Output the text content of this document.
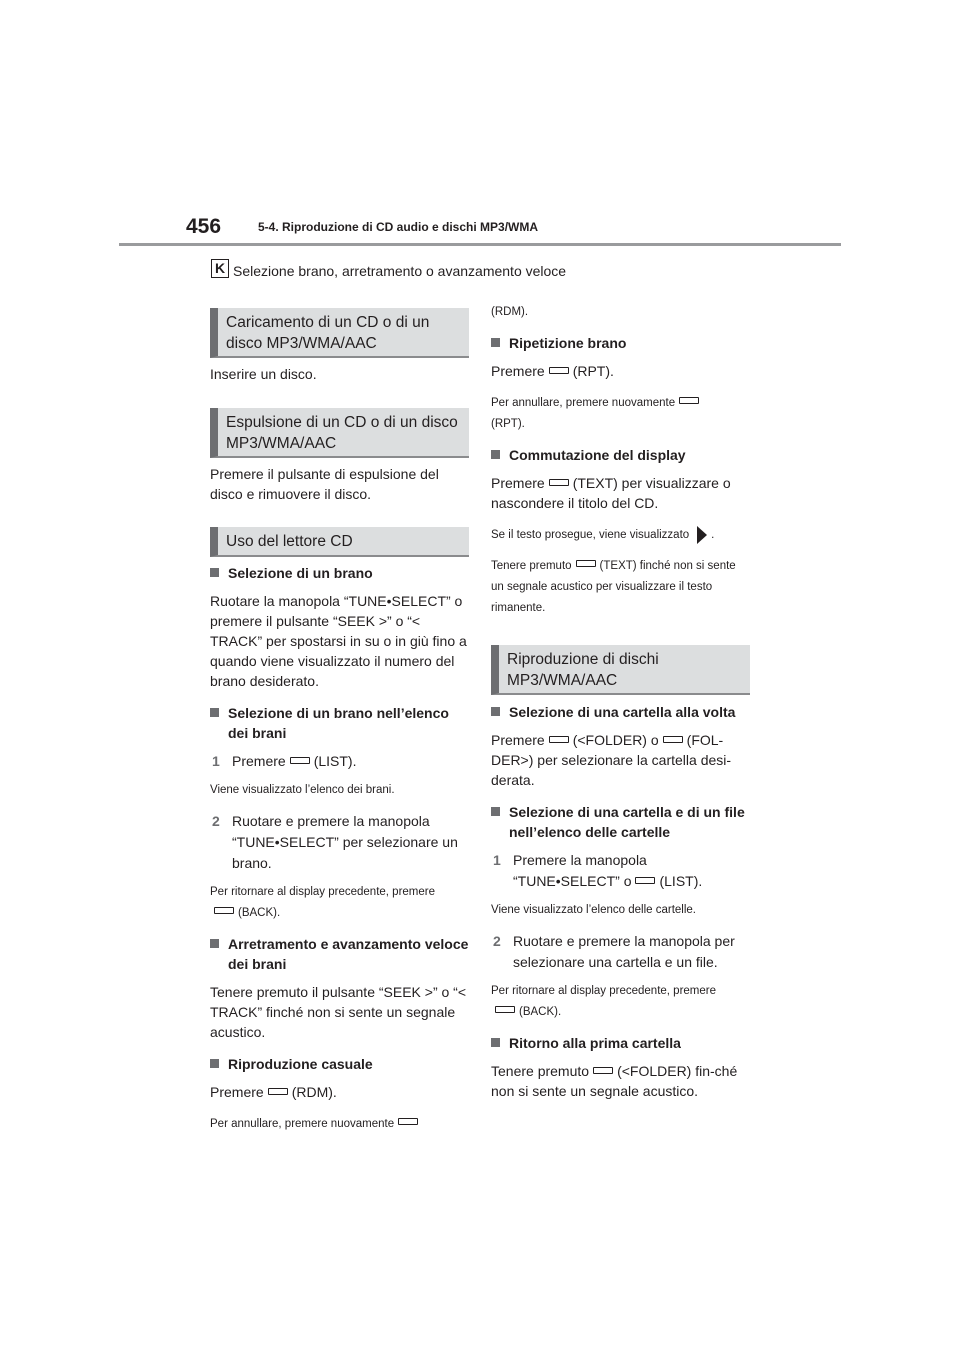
456	5-4. Riproduzione di CD audio e dischi MP3/WMA
K Selezione brano, arretramento o avanzamento veloce
Caricamento di un CD o di un disco MP3/WMA/AAC
Inserire un disco.
Espulsione di un CD o di un disco MP3/WMA/AAC
Premere il pulsante di espulsione del disco e rimuovere il disco.
Uso del lettore CD
Selezione di un brano
Ruotare la manopola “TUNE•SELECT” o premere il pulsante “SEEK >” o “< TRACK” per spostarsi in su o in giù fino a quando viene visualizzato il numero del brano desiderato.
Selezione di un brano nell’elenco dei brani
1 Premere (LIST).
Viene visualizzato l’elenco dei brani.
2 Ruotare e premere la manopola “TUNE•SELECT” per selezionare un brano.
Per ritornare al display precedente, premere
(BACK).
Arretramento e avanzamento veloce dei brani
Tenere premuto il pulsante “SEEK >” o “< TRACK” finché non si sente un segnale acustico.
Riproduzione casuale
Premere (RDM).
Per annullare, premere nuovamente
(RDM).
Ripetizione brano
Premere (RPT).
Per annullare, premere nuovamente
(RPT).
Commutazione del display
Premere (TEXT) per visualizzare o nascondere il titolo del CD.
Se il testo prosegue, viene visualizzato .
Tenere premuto (TEXT) finché non si sente un segnale acustico per visualizzare il testo rimanente.
Riproduzione di dischi MP3/WMA/AAC
Selezione di una cartella alla volta
Premere (<FOLDER) o (FOL-DER>) per selezionare la cartella desi-derata.
Selezione di una cartella e di un file nell’elenco delle cartelle
1 Premere la manopola “TUNE•SELECT” o (LIST).
Viene visualizzato l’elenco delle cartelle.
2 Ruotare e premere la manopola per selezionare una cartella e un file.
Per ritornare al display precedente, premere
(BACK).
Ritorno alla prima cartella
Tenere premuto (<FOLDER) fin-ché non si sente un segnale acustico.
